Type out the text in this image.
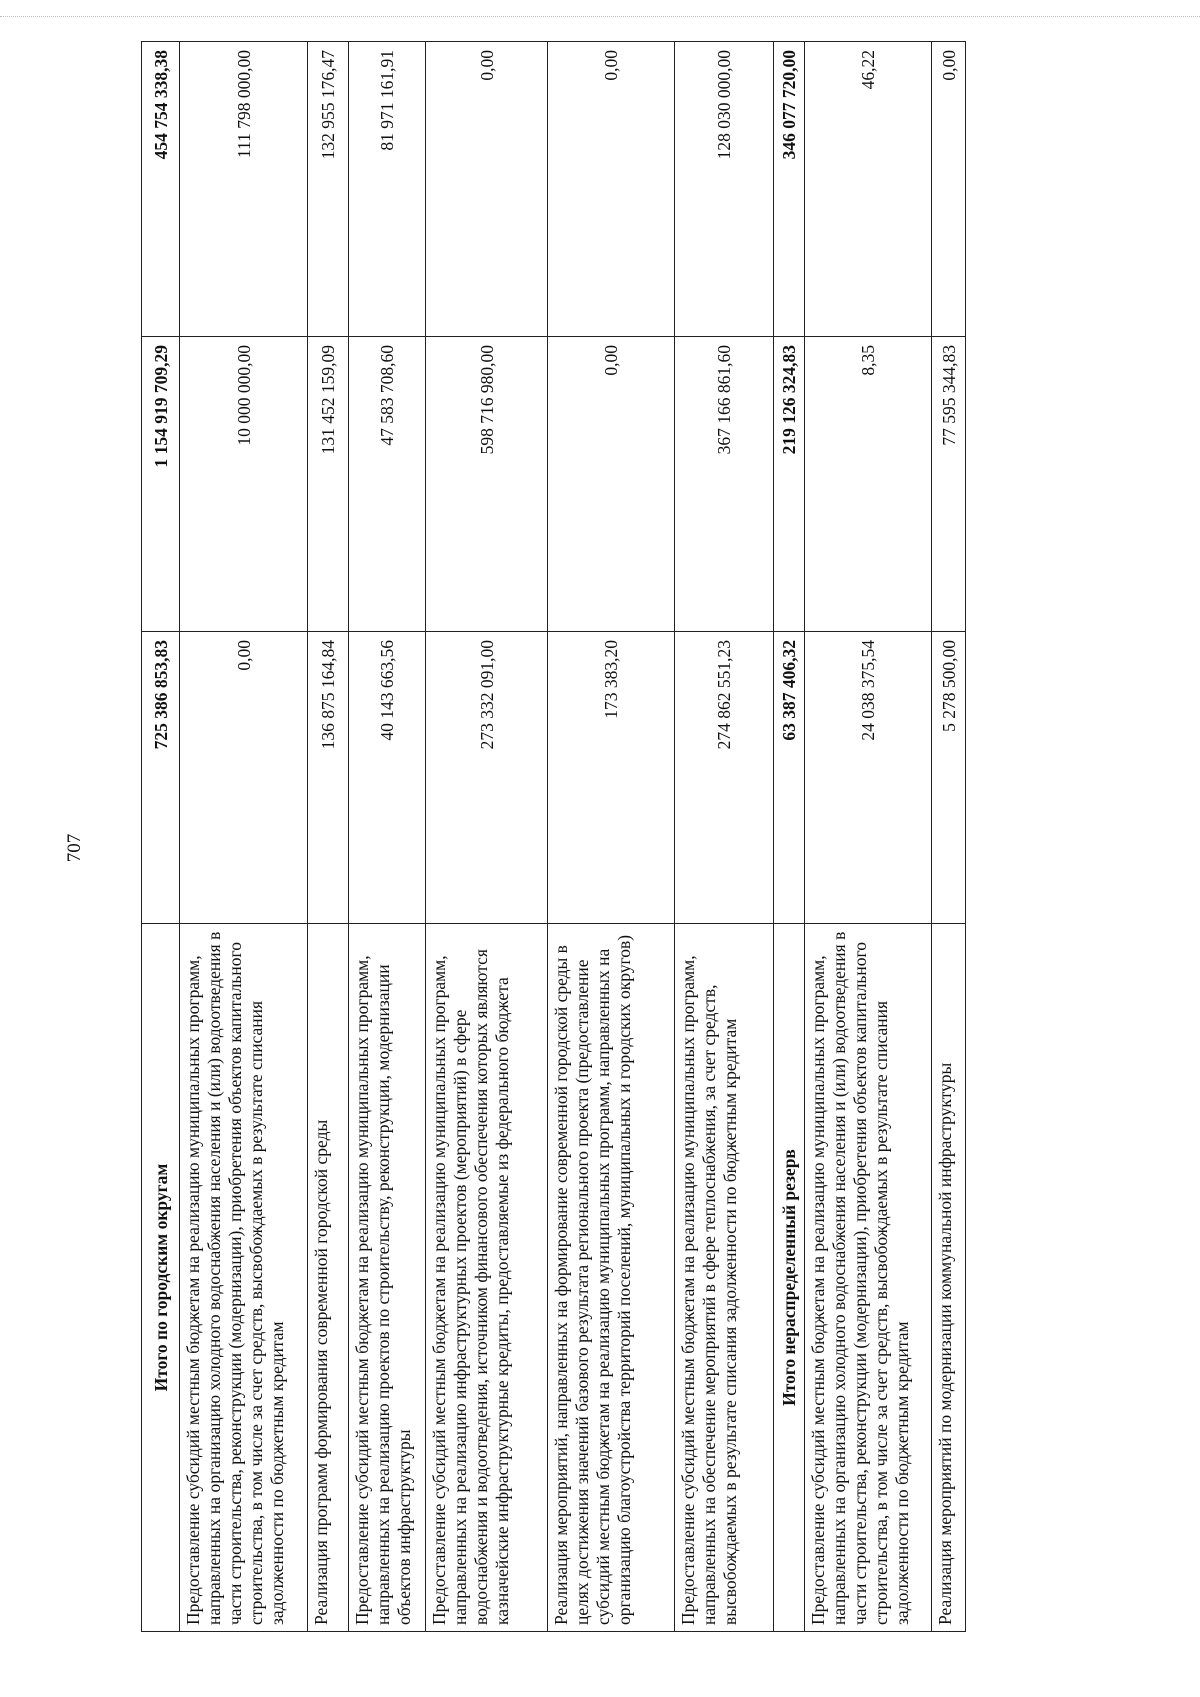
707
Итого по городским округам	725 386 853,83	1 154 919 709,29	454 754 338,38
Предоставление субсидий местным бюджетам на реализацию муниципальных программ, направленных на организацию холодного водоснабжения населения и (или) водоотведения в части строительства, реконструкции (модернизации), приобретения объектов капитального строительства, в том числе за счет средств, высвобождаемых в результате списания задолженности по бюджетным кредитам	0,00	10 000 000,00	111 798 000,00
Реализация программ формирования современной городской среды	136 875 164,84	131 452 159,09	132 955 176,47
Предоставление субсидий местным бюджетам на реализацию муниципальных программ, направленных на реализацию проектов по строительству, реконструкции, модернизации объектов инфраструктуры	40 143 663,56	47 583 708,60	81 971 161,91
Предоставление субсидий местным бюджетам на реализацию муниципальных программ, направленных на реализацию инфраструктурных проектов (мероприятий) в сфере водоснабжения и водоотведения, источником финансового обеспечения которых являются казначейские инфраструктурные кредиты, предоставляемые из федерального бюджета	273 332 091,00	598 716 980,00	0,00
Реализация мероприятий, направленных на формирование современной городской среды в целях достижения значений базового результата регионального проекта (предоставление субсидий местным бюджетам на реализацию муниципальных программ, направленных на организацию благоустройства территорий поселений, муниципальных и городских округов)	173 383,20	0,00	0,00
Предоставление субсидий местным бюджетам на реализацию муниципальных программ, направленных на обеспечение мероприятий в сфере теплоснабжения, за счет средств, высвобождаемых в результате списания задолженности по бюджетным кредитам	274 862 551,23	367 166 861,60	128 030 000,00
Итого нераспределенный резерв	63 387 406,32	219 126 324,83	346 077 720,00
Предоставление субсидий местным бюджетам на реализацию муниципальных программ, направленных на организацию холодного водоснабжения населения и (или) водоотведения в части строительства, реконструкции (модернизации), приобретения объектов капитального строительства, в том числе за счет средств, высвобождаемых в результате списания задолженности по бюджетным кредитам	24 038 375,54	8,35	46,22
Реализация мероприятий по модернизации коммунальной инфраструктуры	5 278 500,00	77 595 344,83	0,00
